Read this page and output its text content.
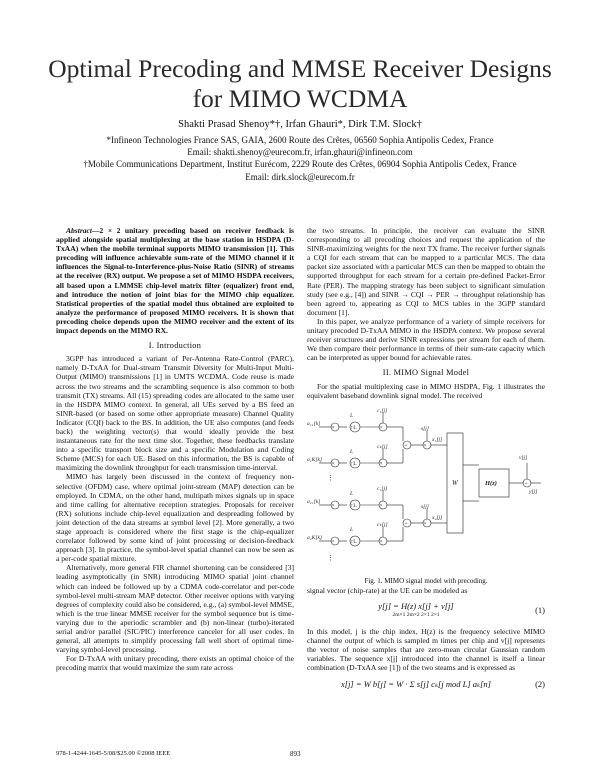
Optimal Precoding and MMSE Receiver Designs for MIMO WCDMA
Shakti Prasad Shenoy*†, Irfan Ghauri*, Dirk T.M. Slock†
*Infineon Technologies France SAS, GAIA, 2600 Route des Crêtes, 06560 Sophia Antipolis Cedex, France
Email: shakti.shenoy@eurecom.fr, irfan.ghauri@infineon.com
†Mobile Communications Department, Institut Eurécom, 2229 Route des Crêtes, 06904 Sophia Antipolis Cedex, France
Email: dirk.slock@eurecom.fr

Abstract—2 × 2 unitary precoding based on receiver feedback is applied alongside spatial multiplexing at the base station in HSDPA (D-TxAA) when the mobile terminal supports MIMO transmission [1]. This precoding will influence achievable sum-rate of the MIMO channel if it influences the Signal-to-Interference-plus-Noise Ratio (SINR) of streams at the receiver (RX) output. We propose a set of MIMO HSDPA receivers, all based upon a LMMSE chip-level matrix filter (equalizer) front end, and introduce the notion of joint bias for the MIMO chip equalizer. Statistical properties of the spatial model thus obtained are exploited to analyze the performance of proposed MIMO receivers. It is shown that precoding choice depends upon the MIMO receiver and the extent of its impact depends on the MIMO RX.

I. Introduction

3GPP has introduced a variant of Per-Antenna Rate-Control (PARC), namely D-TxAA for Dual-stream Transmit Diversity for Multi-Input Multi-Output (MIMO) transmissions [1] in UMTS WCDMA. Code reuse is made across the two streams and the scrambling sequence is also common to both transmit (TX) streams. All (15) spreading codes are allocated to the same user in the HSDPA MIMO context. In general, all UEs served by a BS feed an SINR-based (or based on some other appropriate measure) Channel Quality Indicator (CQI) back to the BS. In addition, the UE also computes (and feeds back) the weighting vector(s) that would ideally provide the best instantaneous rate for the next time slot. Together, these feedbacks translate into a specific transport block size and a specific Modulation and Coding Scheme (MCS) for each UE. Based on this information, the BS is capable of maximizing the downlink throughput for each transmission time-interval.

MIMO has largely been discussed in the context of frequency non-selective (OFDM) case, where optimal joint-stream (MAP) detection can be employed. In CDMA, on the other hand, multipath mixes signals up in space and time calling for alternative reception strategies. Proposals for receiver (RX) solutions include chip-level equalization and despreading followed by joint detection of the data streams at symbol level [2]. More generally, a two stage approach is considered where the first stage is the chip-equalizer correlator followed by some kind of joint processing or decision-feedback approach [3]. In practice, the symbol-level spatial channel can now be seen as a per-code spatial mixture.

Alternatively, more general FIR channel shortening can be considered [3] leading asymptotically (in SNR) introducing MIMO spatial joint channel which can indeed be followed up by a CDMA code-correlator and per-code symbol-level multi-stream MAP detector. Other receiver options with varying degrees of complexity could also be considered, e.g., (a) symbol-level MMSE, which is the true linear MMSE receiver for the symbol sequence but is time-varying due to the aperiodic scrambler and (b) non-linear (turbo)-iterated serial and/or parallel (SIC/PIC) interference canceler for all user codes. In general, all attempts to simplify processing fall well short of optimal time-varying symbol-level processing.

For D-TxAA with unitary precoding, there exists an optimal choice of the precoding matrix that would maximize the sum rate across

the two streams. In principle, the receiver can evaluate the SINR corresponding to all precoding choices and request the application of the SINR-maximizing weights for the next TX frame. The receiver further signals a CQI for each stream that can be mapped to a particular MCS. The data packet size associated with a particular MCS can then be mapped to obtain the supported throughput for each stream for a certain pre-defined Packet-Error Rate (PER). The mapping strategy has been subject to significant simulation study (see e.g., [4]) and SINR → CQI → PER → throughput relationship has been agreed to, appearing as CQI to MCS tables in the 3GPP standard document [1].

In this paper, we analyze performance of a variety of simple receivers for unitary precoded D-TxAA MIMO in the HSDPA context. We propose several receiver structures and derive SINR expressions per stream for each of them. We then compare their performance in terms of their sum-rate capacity which can be interpreted as upper bound for achievable rates.

II. MIMO Signal Model

For the spatial multiplexing case in MIMO HSDPA, Fig. 1 illustrates the equivalent baseband downlink signal model. The received

↑L
↑L
↑L
↑L
×
×
×
×
×
×
×
×
+
+
×
×
+
⋮
⋮
a₁₁[k]
a₁K[k]
a₂₁[k]
a₂K[k]
c₁[j]
cₖ[j]
c₁[j]
cₖ[j]
s[j]
s[j]
x₁[j]
x₂[j]
W	H(z)
v[j]
y[j]
L
L
L
L

Fig. 1. MIMO signal model with precoding.

signal vector (chip-rate) at the UE can be modeled as

y[j] = H(z) x[j] + v[j]
2m×1 2m×2 2×1 2×1	(1)

In this model, j is the chip index, H(z) is the frequency selective MIMO channel the output of which is sampled m times per chip and v[j] represents the vector of noise samples that are zero-mean circular Gaussian random variables. The sequence x[j] introduced into the channel is itself a linear combination (D-TxAA see [1]) of the two steams and is expressed as

x[j] = W b[j] = W · Σ s[j] cₖ[j mod L] aₖ[n]	(2)
978-1-4244-1645-5/08/$25.00 ©2008 IEEE	893
